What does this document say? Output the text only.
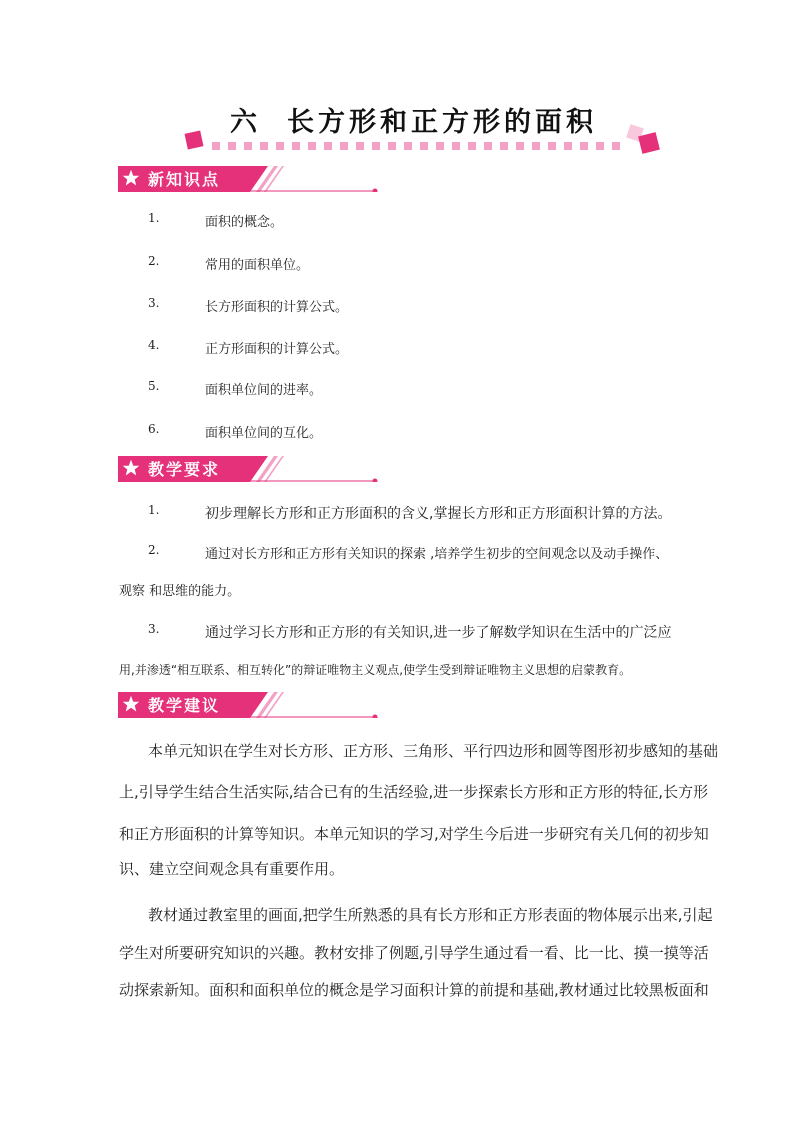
六 长方形和正方形的面积
新知识点
1.	面积的概念。
2.	常用的面积单位。
3.	长方形面积的计算公式。
4.	正方形面积的计算公式。
5.	面积单位间的进率。
6.	面积单位间的互化。
教学要求
1.	初步理解长方形和正方形面积的含义,掌握长方形和正方形面积计算的方法。
2.	通过对长方形和正方形有关知识的探索 ,培养学生初步的空间观念以及动手操作、
观察 和思维的能力。
3.	通过学习长方形和正方形的有关知识,进一步了解数学知识在生活中的广泛应
用,并渗透“相互联系、相互转化”的辩证唯物主义观点,使学生受到辩证唯物主义思想的启蒙教育。
教学建议
本单元知识在学生对长方形、正方形、三角形、平行四边形和圆等图形初步感知的基础
上,引导学生结合生活实际,结合已有的生活经验,进一步探索长方形和正方形的特征,长方形
和正方形面积的计算等知识。本单元知识的学习,对学生今后进一步研究有关几何的初步知
识、建立空间观念具有重要作用。
教材通过教室里的画面,把学生所熟悉的具有长方形和正方形表面的物体展示出来,引起
学生对所要研究知识的兴趣。教材安排了例题,引导学生通过看一看、比一比、摸一摸等活
动探索新知。面积和面积单位的概念是学习面积计算的前提和基础,教材通过比较黑板面和
